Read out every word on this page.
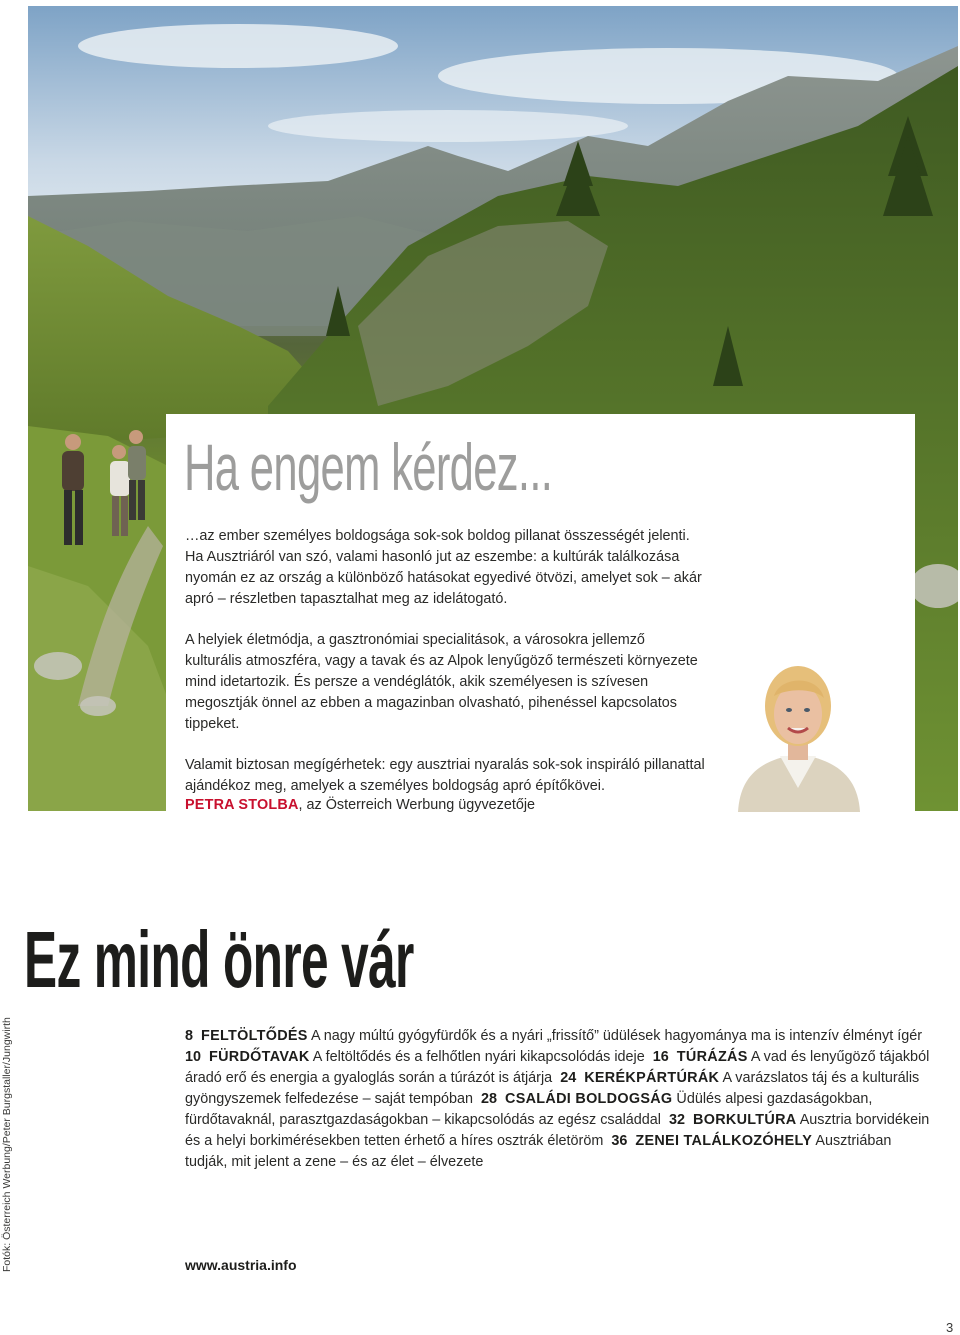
Ha engem kérdez...

…az ember személyes boldogsága sok-sok boldog pillanat összességét jelenti. Ha Ausztriáról van szó, valami hasonló jut az eszembe: a kultúrák találkozása nyomán ez az ország a különböző hatásokat egyedivé ötvözi, amelyet sok – akár apró – részletben tapasztalhat meg az idelátogató.

A helyiek életmódja, a gasztronómiai specialitások, a városokra jellemző kulturális atmoszféra, vagy a tavak és az Alpok lenyűgöző természeti környezete mind idetartozik. És persze a vendéglátók, akik személyesen is szívesen megosztják önnel az ebben a magazinban olvasható, pihenéssel kapcsolatos tippeket.

Valamit biztosan megígérhetek: egy ausztriai nyaralás sok-sok inspiráló pillanattal ajándékoz meg, amelyek a személyes boldogság apró építőkövei.

PETRA STOLBA, az Österreich Werbung ügyvezetője
Ez mind önre vár
8 FELTÖLTŐDÉS A nagy múltú gyógyfürdők és a nyári „frissítő” üdülések hagyománya ma is intenzív élményt ígér 10 FÜRDŐTAVAK A feltöltődés és a felhőtlen nyári kikapcsolódás ideje 16 TÚRÁZÁS A vad és lenyűgöző tájakból áradó erő és energia a gyaloglás során a túrázót is átjárja 24 KERÉKPÁRTÚRÁK A varázslatos táj és a kulturális gyöngyszemek felfedezése – saját tempóban 28 CSALÁDI BOLDOGSÁG Üdülés alpesi gazdaságokban, fürdőtavaknál, parasztgazdaságokban – kikapcsolódás az egész családdal 32 BORKULTÚRA Ausztria borvidékein és a helyi borkimérésekben tetten érhető a híres osztrák életöröm 36 ZENEI TALÁLKOZÓHELY Ausztriában tudják, mit jelent a zene – és az élet – élvezete
www.austria.info
Fotók: Österreich Werbung/Peter Burgstaller/Jungwirth
3
